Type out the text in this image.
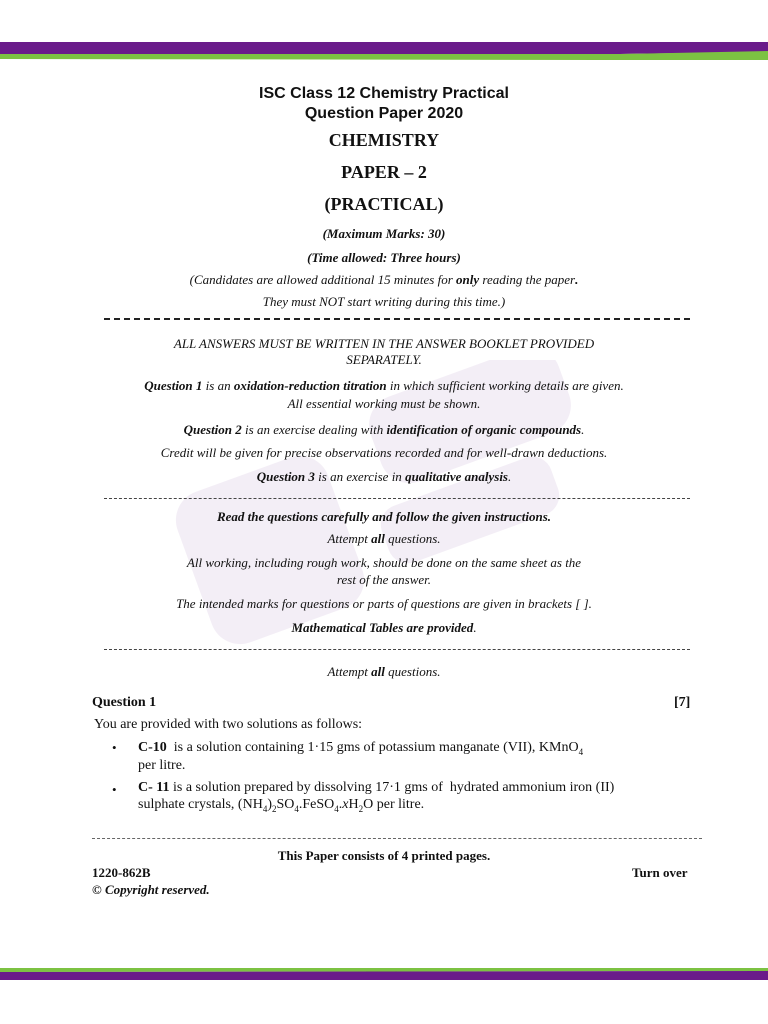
ISC Class 12 Chemistry Practical
Question Paper 2020
CHEMISTRY
PAPER – 2
(PRACTICAL)
(Maximum Marks: 30)
(Time allowed: Three hours)
(Candidates are allowed additional 15 minutes for only reading the paper.
They must NOT start writing during this time.)
ALL ANSWERS MUST BE WRITTEN IN THE ANSWER BOOKLET PROVIDED
SEPARATELY.
Question 1 is an oxidation-reduction titration in which sufficient working details are given.
All essential working must be shown.
Question 2 is an exercise dealing with identification of organic compounds.
Credit will be given for precise observations recorded and for well-drawn deductions.
Question 3 is an exercise in qualitative analysis.
Read the questions carefully and follow the given instructions.
Attempt all questions.
All working, including rough work, should be done on the same sheet as the
rest of the answer.
The intended marks for questions or parts of questions are given in brackets [ ].
Mathematical Tables are provided.
Attempt all questions.
Question 1	[7]
You are provided with two solutions as follows:
• C-10  is a solution containing 1·15 gms of potassium manganate (VII), KMnO$_4$
per litre.
• C- 11 is a solution prepared by dissolving 17·1 gms of  hydrated ammonium iron (II)
sulphate crystals, $(NH_4)_2SO_4.FeSO_4.xH_2O$ per litre.
This Paper consists of 4 printed pages.
1220-862B	Turn over
© Copyright reserved.
